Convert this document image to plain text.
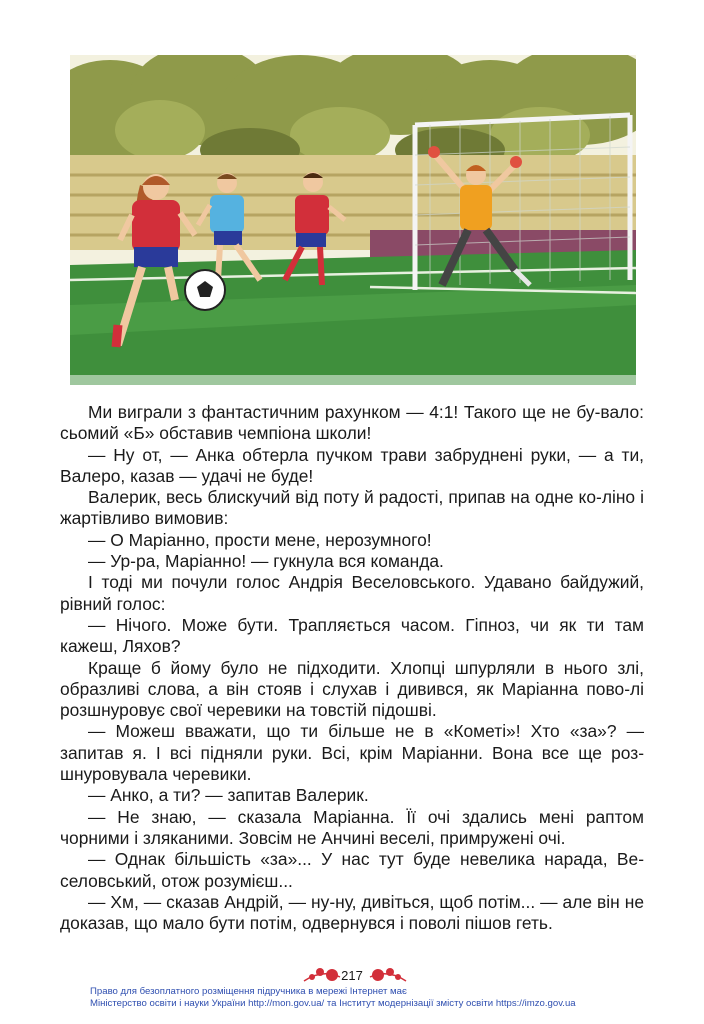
Ми виграли з фантастичним рахунком — 4:1! Такого ще не бу-вало: сьомий «Б» обставив чемпіона школи!

— Ну от, — Анка обтерла пучком трави забруднені руки, — а ти, Валеро, казав — удачі не буде!

Валерик, весь блискучий від поту й радості, припав на одне ко-ліно і жартівливо вимовив:

— О Маріанно, прости мене, нерозумного!

— Ур-ра, Маріанно! — гукнула вся команда.

І тоді ми почули голос Андрія Веселовського. Удавано байдужий, рівний голос:

— Нічого. Може бути. Трапляється часом. Гіпноз, чи як ти там кажеш, Ляхов?

Краще б йому було не підходити. Хлопці шпурляли в нього злі, образливі слова, а він стояв і слухав і дивився, як Маріанна пово-лі розшнуровує свої черевики на товстій підошві.

— Можеш вважати, що ти більше не в «Кометі»! Хто «за»? — запитав я. І всі підняли руки. Всі, крім Маріанни. Вона все ще роз-шнуровувала черевики.

— Анко, а ти? — запитав Валерик.

— Не знаю, — сказала Маріанна. Її очі здались мені раптом чорними і зляканими. Зовсім не Анчині веселі, примружені очі.

— Однак більшість «за»... У нас тут буде невелика нарада, Ве-селовський, отож розумієш...

— Хм, — сказав Андрій, — ну-ну, дивіться, щоб потім... — але він не доказав, що мало бути потім, одвернувся і поволі пішов геть.

217
Право для безоплатного розміщення підручника в мережі Інтернет має
Міністерство освіти і науки України http://mon.gov.ua/ та Інститут модернізації змісту освіти https://imzo.gov.ua
